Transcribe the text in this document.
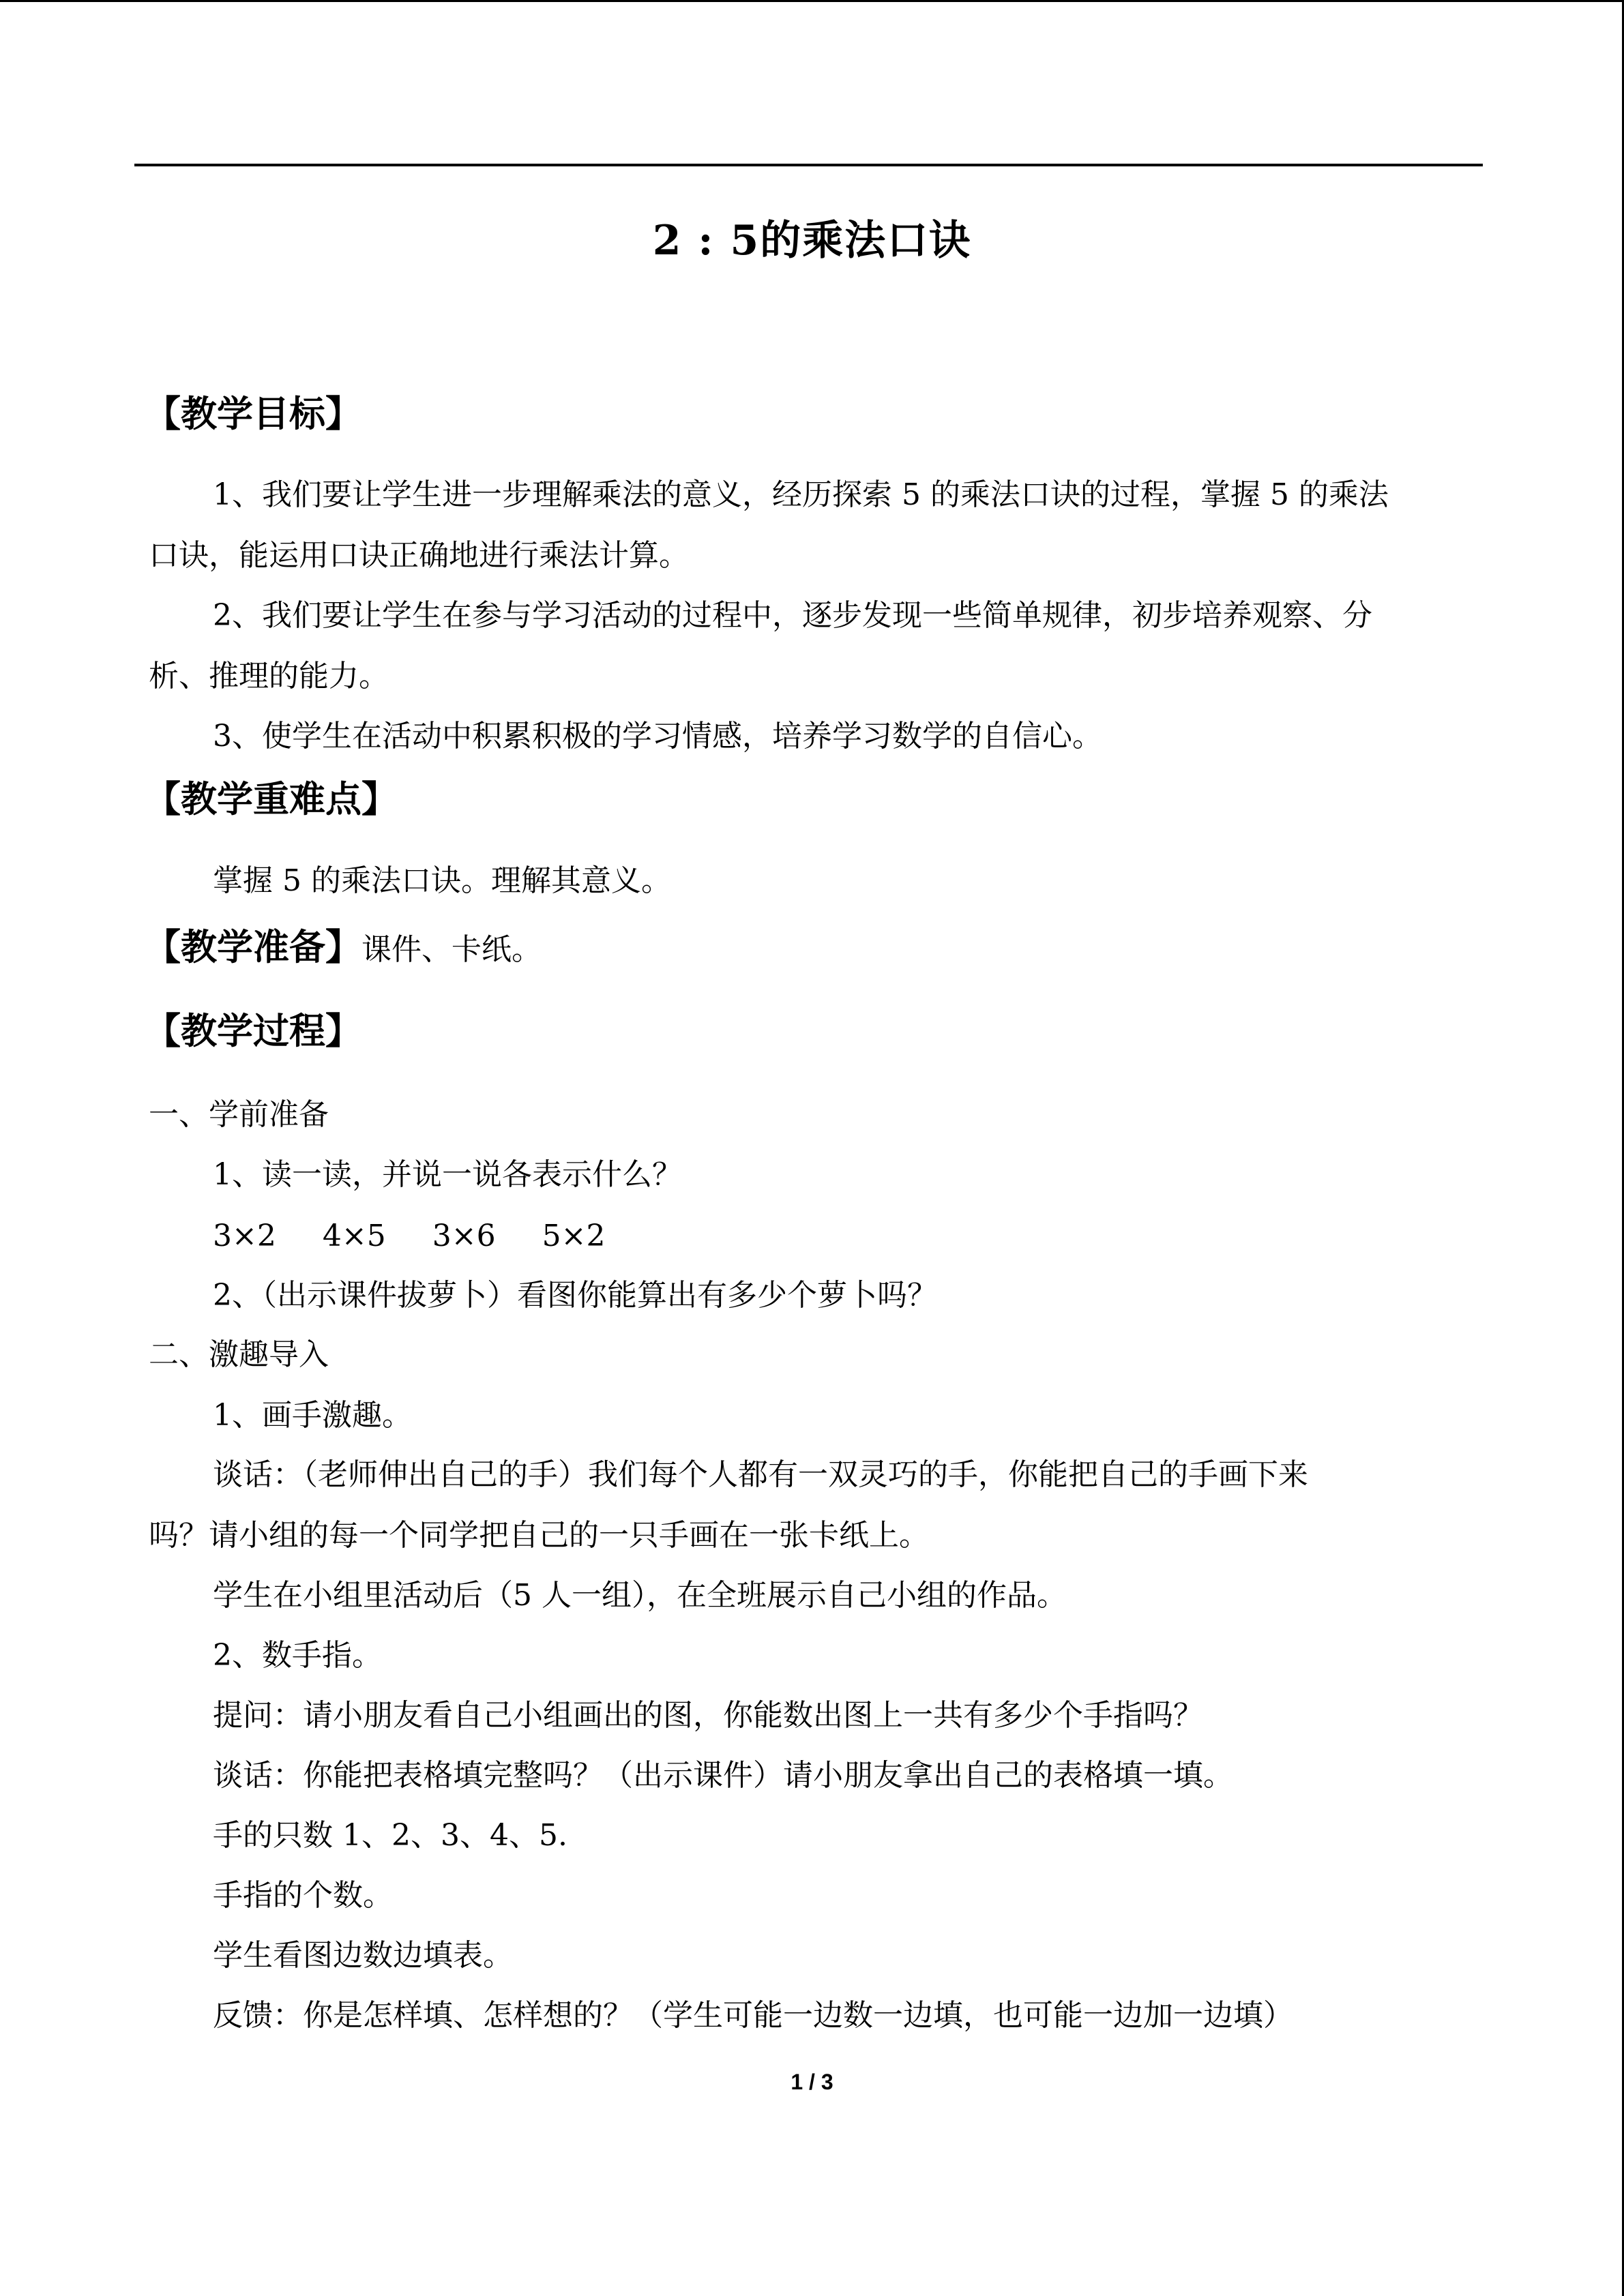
2 : 5的乘法口诀
【教学目标】
1、我们要让学生进一步理解乘法的意义，经历探索 5 的乘法口诀的过程，掌握 5 的乘法
口诀，能运用口诀正确地进行乘法计算。
2、我们要让学生在参与学习活动的过程中，逐步发现一些简单规律，初步培养观察、分
析、推理的能力。
3、使学生在活动中积累积极的学习情感，培养学习数学的自信心。
【教学重难点】
掌握 5 的乘法口诀。理解其意义。
【教学准备】课件、卡纸。
【教学过程】
一、学前准备
1、读一读，并说一说各表示什么？
3×2 4×5 3×6 5×2
2、（出示课件拔萝卜）看图你能算出有多少个萝卜吗？
二、激趣导入
1、画手激趣。
谈话：（老师伸出自己的手）我们每个人都有一双灵巧的手，你能把自己的手画下来
吗？请小组的每一个同学把自己的一只手画在一张卡纸上。
学生在小组里活动后（5 人一组），在全班展示自己小组的作品。
2、数手指。
提问：请小朋友看自己小组画出的图，你能数出图上一共有多少个手指吗？
谈话：你能把表格填完整吗？（出示课件）请小朋友拿出自己的表格填一填。
手的只数 1、2、3、4、5.
手指的个数。
学生看图边数边填表。
反馈：你是怎样填、怎样想的？（学生可能一边数一边填，也可能一边加一边填）
1 / 3
